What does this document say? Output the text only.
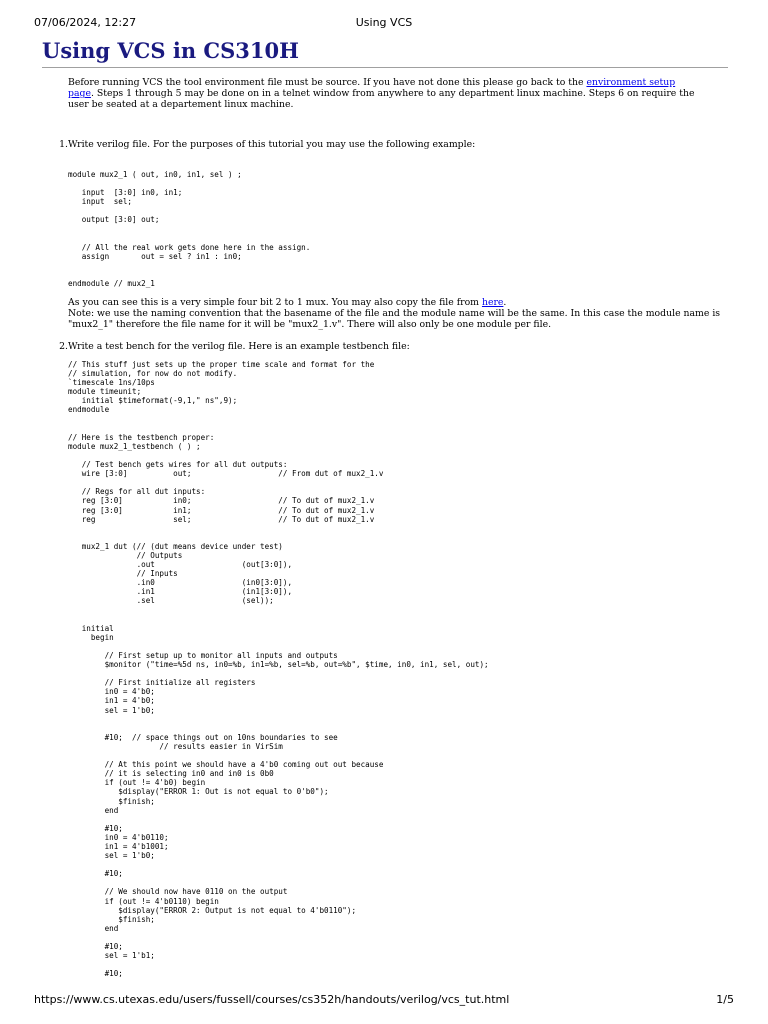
07/06/2024, 12:27	Using VCS
Using VCS in CS310H

Before running VCS the tool environment file must be source. If you have not done this please go back to the environment setup page. Steps 1 through 5 may be done on in a telnet window from anywhere to any department linux machine. Steps 6 on require the user be seated at a departement linux machine.

1. Write verilog file. For the purposes of this tutorial you may use the following example:
module mux2_1 ( out, in0, in1, sel ) ;

input  [3:0] in0, in1;
input  sel;

output [3:0] out;

// All the real work gets done here in the assign.
assign       out = sel ? in1 : in0;

endmodule // mux2_1
As you can see this is a very simple four bit 2 to 1 mux. You may also copy the file from here.
Note: we use the naming convention that the basename of the file and the module name will be the same. In this case the module name is "mux2_1" therefore the file name for it will be "mux2_1.v". There will also only be one module per file.
2. Write a test bench for the verilog file. Here is an example testbench file:
// This stuff just sets up the proper time scale and format for the
// simulation, for now do not modify.
`timescale 1ns/10ps
module timeunit;
initial $timeformat(-9,1," ns",9);
endmodule

// Here is the testbench proper:
module mux2_1_testbench ( ) ;

// Test bench gets wires for all dut outputs:
wire [3:0]          out;                   // From dut of mux2_1.v

// Regs for all dut inputs:
reg [3:0]           in0;                   // To dut of mux2_1.v
reg [3:0]           in1;                   // To dut of mux2_1.v
reg                 sel;                   // To dut of mux2_1.v

mux2_1 dut (// (dut means device under test)
// Outputs
.out                   (out[3:0]),
// Inputs
.in0                   (in0[3:0]),
.in1                   (in1[3:0]),
.sel                   (sel));

initial
begin

// First setup up to monitor all inputs and outputs
$monitor ("time=%5d ns, in0=%b, in1=%b, sel=%b, out=%b", $time, in0, in1, sel, out);

// First initialize all registers
in0 = 4'b0;
in1 = 4'b0;
sel = 1'b0;

#10;  // space things out on 10ns boundaries to see
// results easier in VirSim

// At this point we should have a 4'b0 coming out out because
// it is selecting in0 and in0 is 0b0
if (out != 4'b0) begin
$display("ERROR 1: Out is not equal to 0'b0");
$finish;
end

#10;
in0 = 4'b0110;
in1 = 4'b1001;
sel = 1'b0;

#10;

// We should now have 0110 on the output
if (out != 4'b0110) begin
$display("ERROR 2: Output is not equal to 4'b0110");
$finish;
end

#10;
sel = 1'b1;

#10;
https://www.cs.utexas.edu/users/fussell/courses/cs352h/handouts/verilog/vcs_tut.html	1/5
